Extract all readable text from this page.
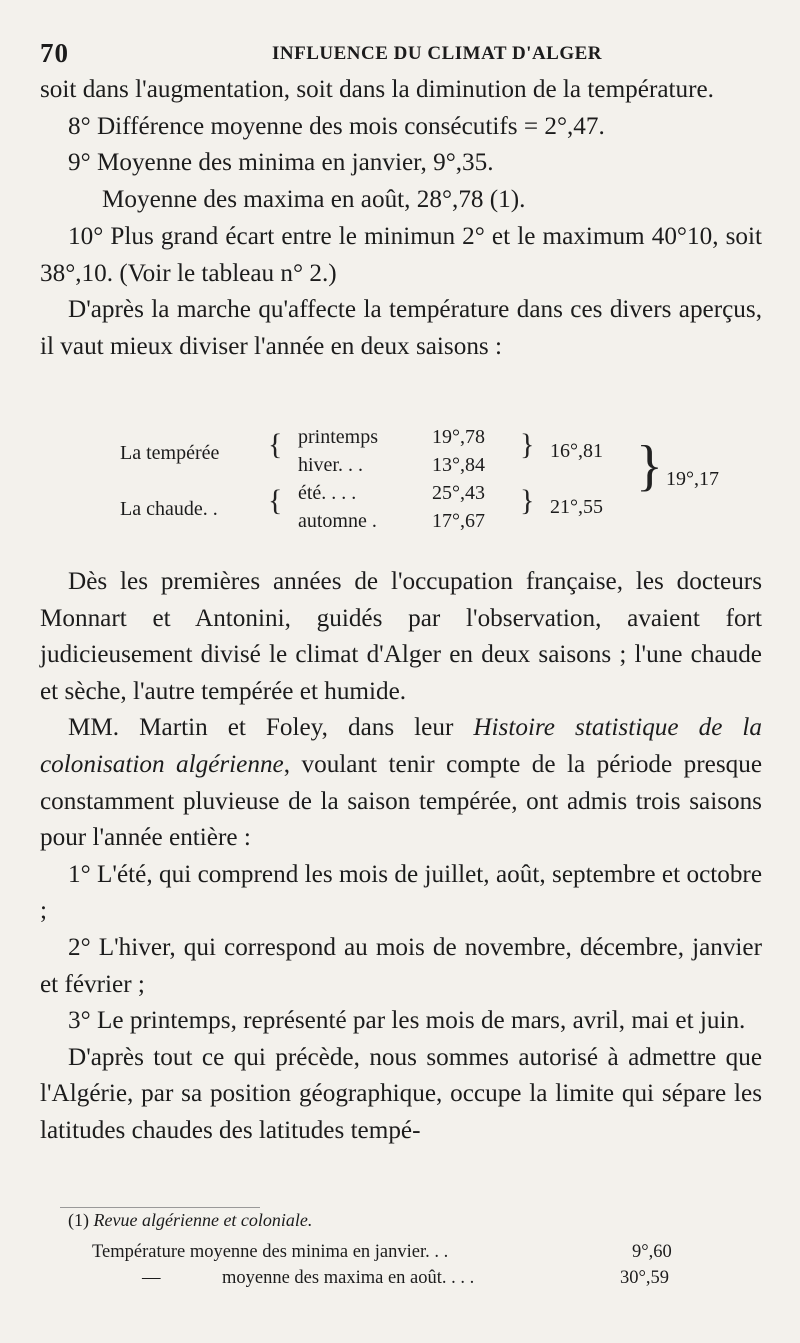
70	INFLUENCE DU CLIMAT D'ALGER

soit dans l'augmentation, soit dans la diminution de la température.

8° Différence moyenne des mois consécutifs = 2°,47.

9° Moyenne des minima en janvier, 9°,35.

Moyenne des maxima en août, 28°,78 (1).

10° Plus grand écart entre le minimun 2° et le maximum 40°10, soit 38°,10. (Voir le tableau n° 2.)

D'après la marche qu'affecte la température dans ces divers aperçus, il vaut mieux diviser l'année en deux saisons :

La tempérée { printemps	19°,78
hiver. . .	13°,84
} 16°,81
La chaude. . { été. . . .	25°,43
automne .	17°,67
} 21°,55
} 19°,17

Dès les premières années de l'occupation française, les docteurs Monnart et Antonini, guidés par l'observation, avaient fort judicieusement divisé le climat d'Alger en deux saisons ; l'une chaude et sèche, l'autre tempérée et humide.

MM. Martin et Foley, dans leur Histoire statistique de la colonisation algérienne, voulant tenir compte de la période presque constamment pluvieuse de la saison tempérée, ont admis trois saisons pour l'année entière :

1° L'été, qui comprend les mois de juillet, août, septembre et octobre ;

2° L'hiver, qui correspond au mois de novembre, décembre, janvier et février ;

3° Le printemps, représenté par les mois de mars, avril, mai et juin.

D'après tout ce qui précède, nous sommes autorisé à admettre que l'Algérie, par sa position géographique, occupe la limite qui sépare les latitudes chaudes des latitudes tempé-

(1) Revue algérienne et coloniale.
Température moyenne des minima en janvier. . .	9°,60
—	moyenne des maxima en août. . . .	30°,59
